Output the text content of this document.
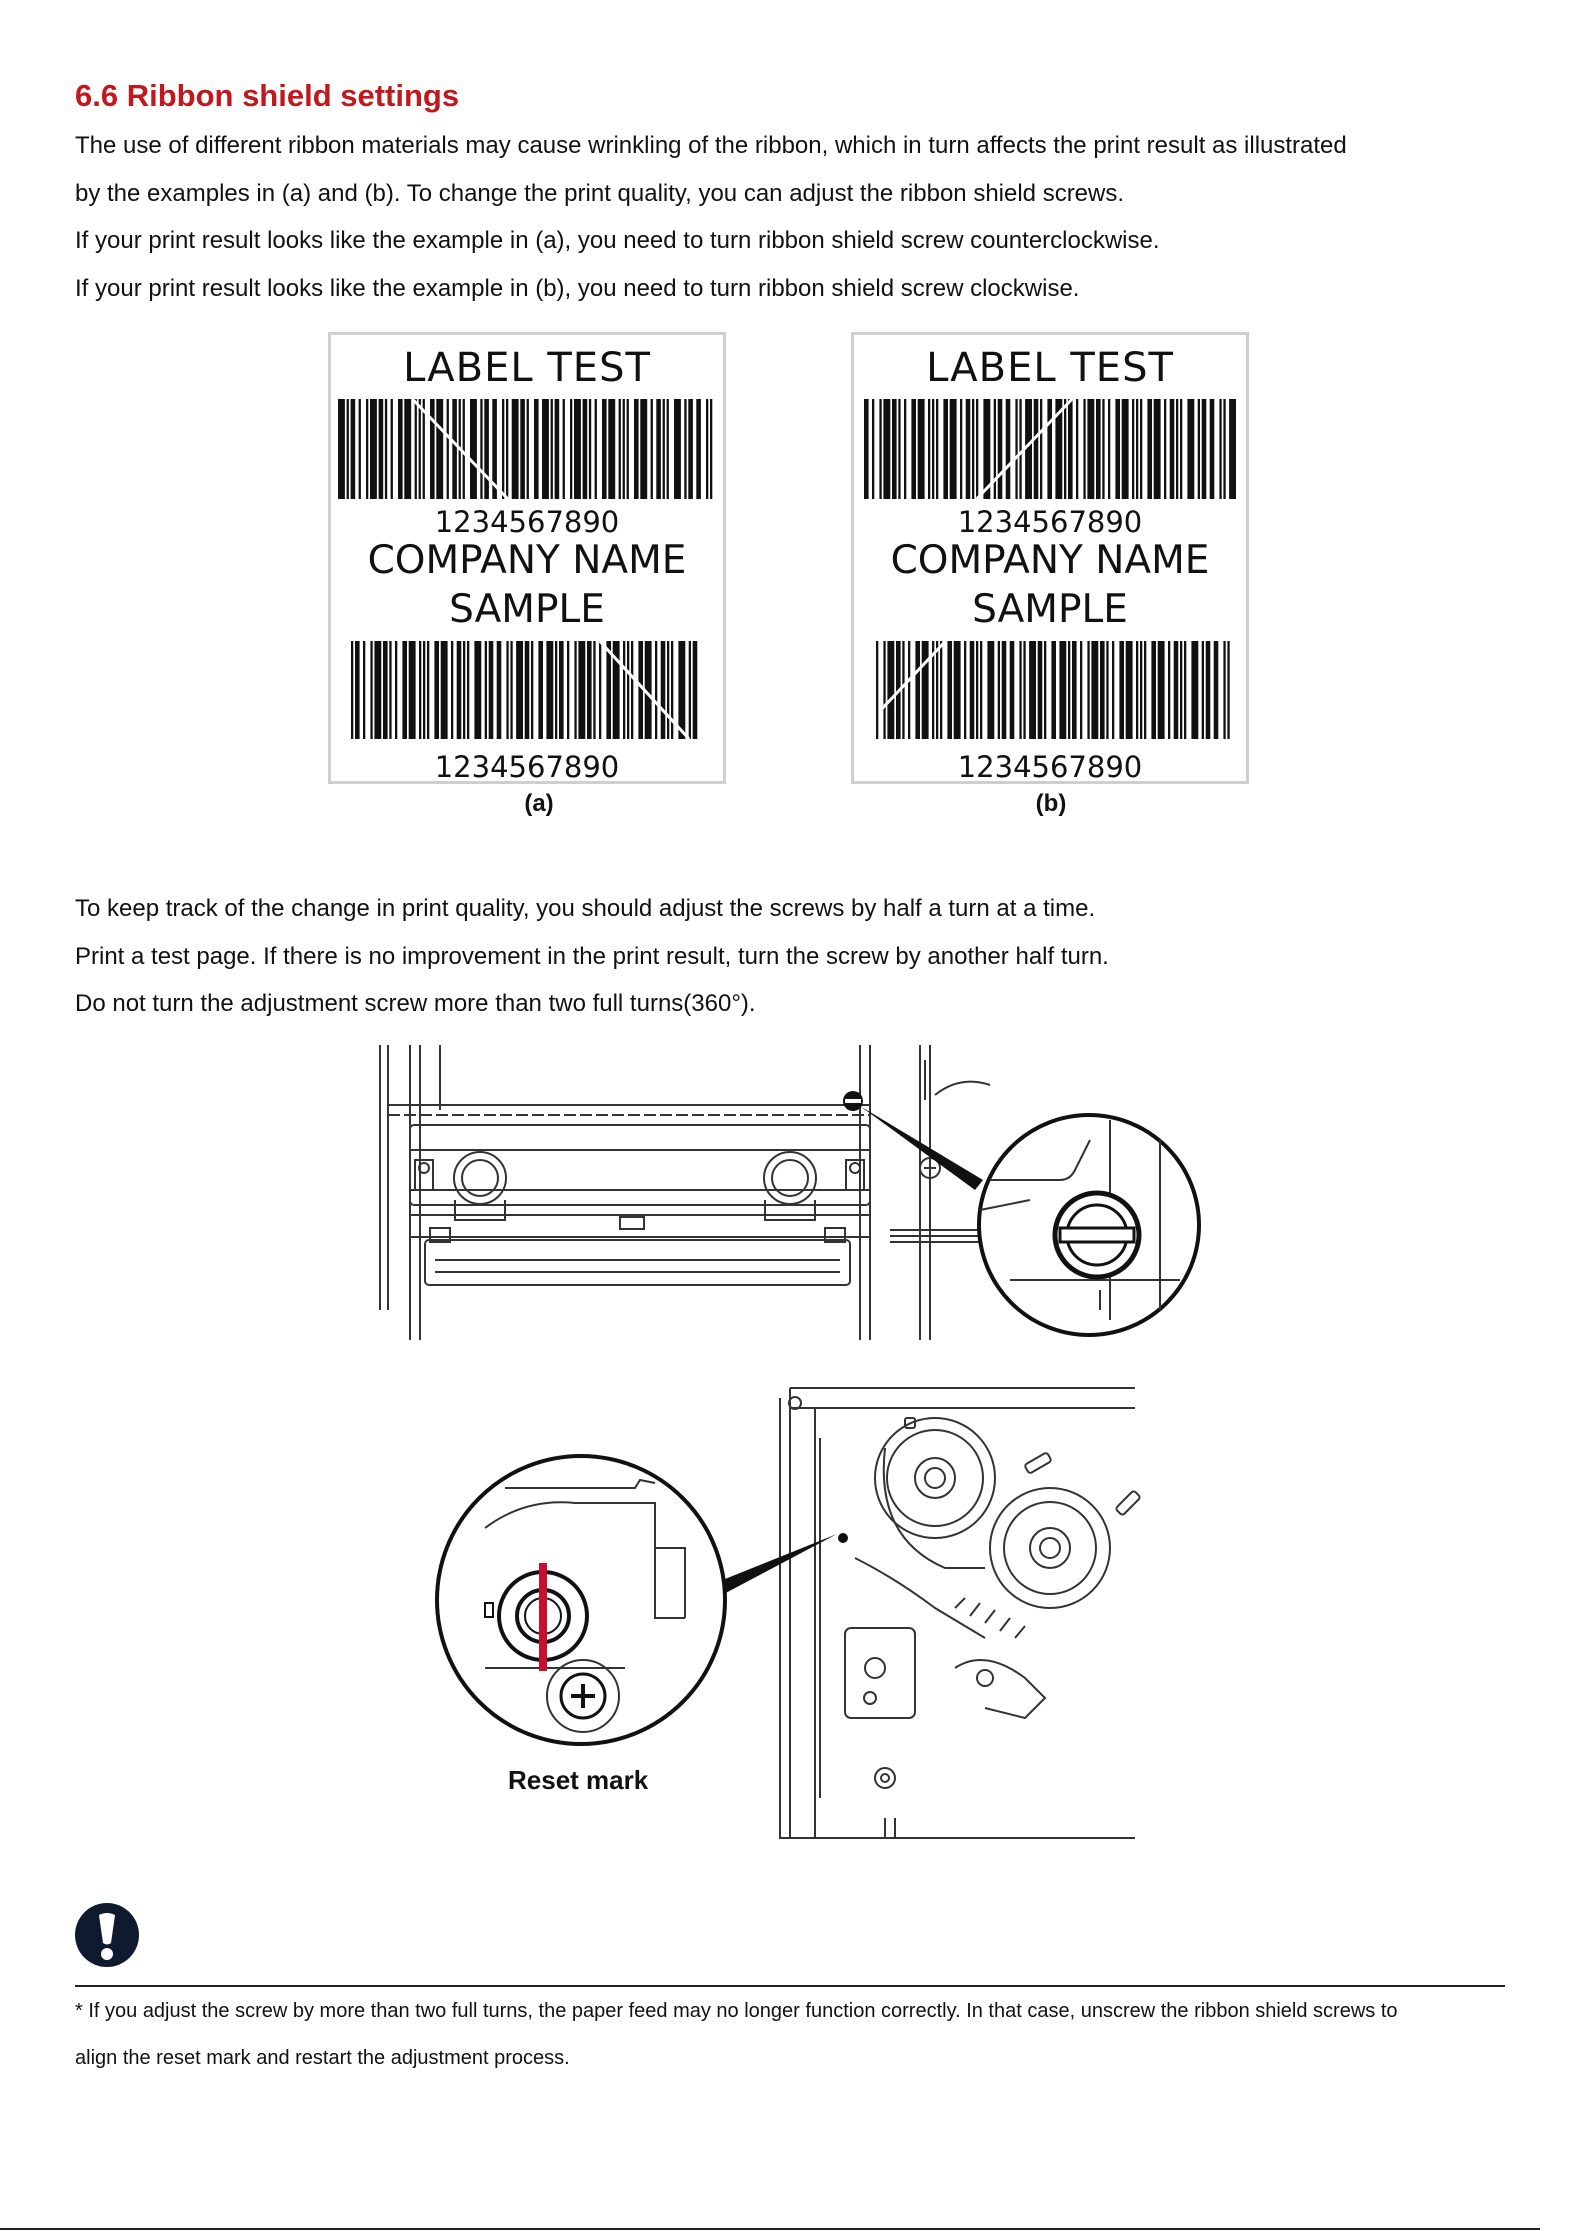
6.6 Ribbon shield settings

The use of different ribbon materials may cause wrinkling of the ribbon, which in turn affects the print result as illustrated

by the examples in (a) and (b). To change the print quality, you can adjust the ribbon shield screws.

If your print result looks like the example in (a), you need to turn ribbon shield screw counterclockwise.

If your print result looks like the example in (b), you need to turn ribbon shield screw clockwise.

LABEL TEST
1234567890
COMPANY NAME
SAMPLE
1234567890
(a)
LABEL TEST
1234567890
COMPANY NAME
SAMPLE
1234567890
(b)

To keep track of the change in print quality, you should adjust the screws by half a turn at a time.

Print a test page. If there is no improvement in the print result, turn the screw by another half turn.

Do not turn the adjustment screw more than two full turns(360°).

Reset mark

* If you adjust the screw by more than two full turns, the paper feed may no longer function correctly. In that case, unscrew the ribbon shield screws to

align the reset mark and restart the adjustment process.
